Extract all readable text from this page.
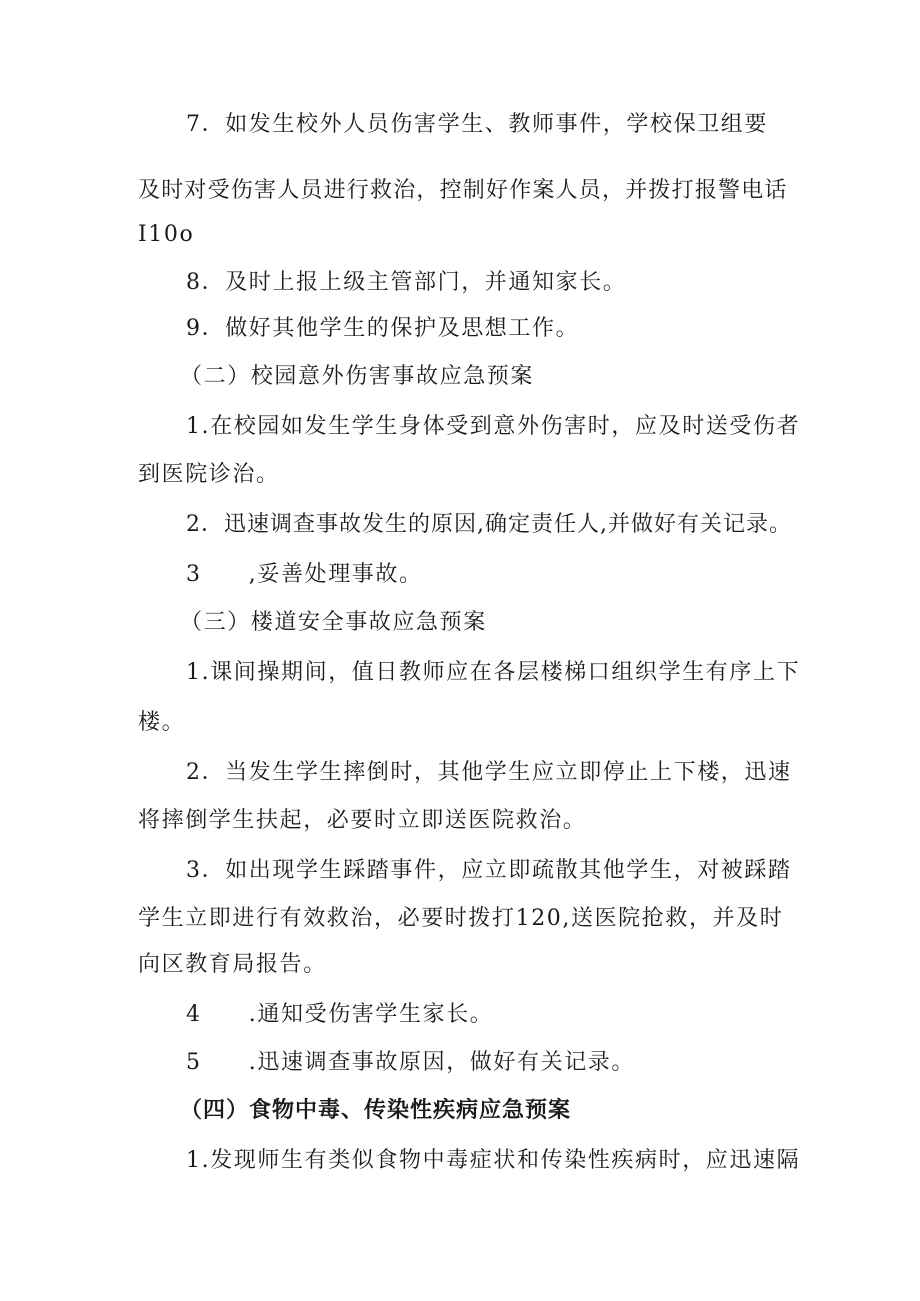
7．如发生校外人员伤害学生、教师事件，学校保卫组要
及时对受伤害人员进行救治，控制好作案人员，并拨打报警电话
I10o
8．及时上报上级主管部门，并通知家长。
9．做好其他学生的保护及思想工作。
（二）校园意外伤害事故应急预案
1.在校园如发生学生身体受到意外伤害时，应及时送受伤者
到医院诊治。
2．迅速调查事故发生的原因,确定责任人,并做好有关记录。
3　　,妥善处理事故。
（三）楼道安全事故应急预案
1.课间操期间，值日教师应在各层楼梯口组织学生有序上下
楼。
2．当发生学生摔倒时，其他学生应立即停止上下楼，迅速
将摔倒学生扶起，必要时立即送医院救治。
3．如出现学生踩踏事件，应立即疏散其他学生，对被踩踏
学生立即进行有效救治，必要时拨打120,送医院抢救，并及时
向区教育局报告。
4　　.通知受伤害学生家长。
5　　.迅速调查事故原因，做好有关记录。
（四）食物中毒、传染性疾病应急预案
1.发现师生有类似食物中毒症状和传染性疾病时，应迅速隔
